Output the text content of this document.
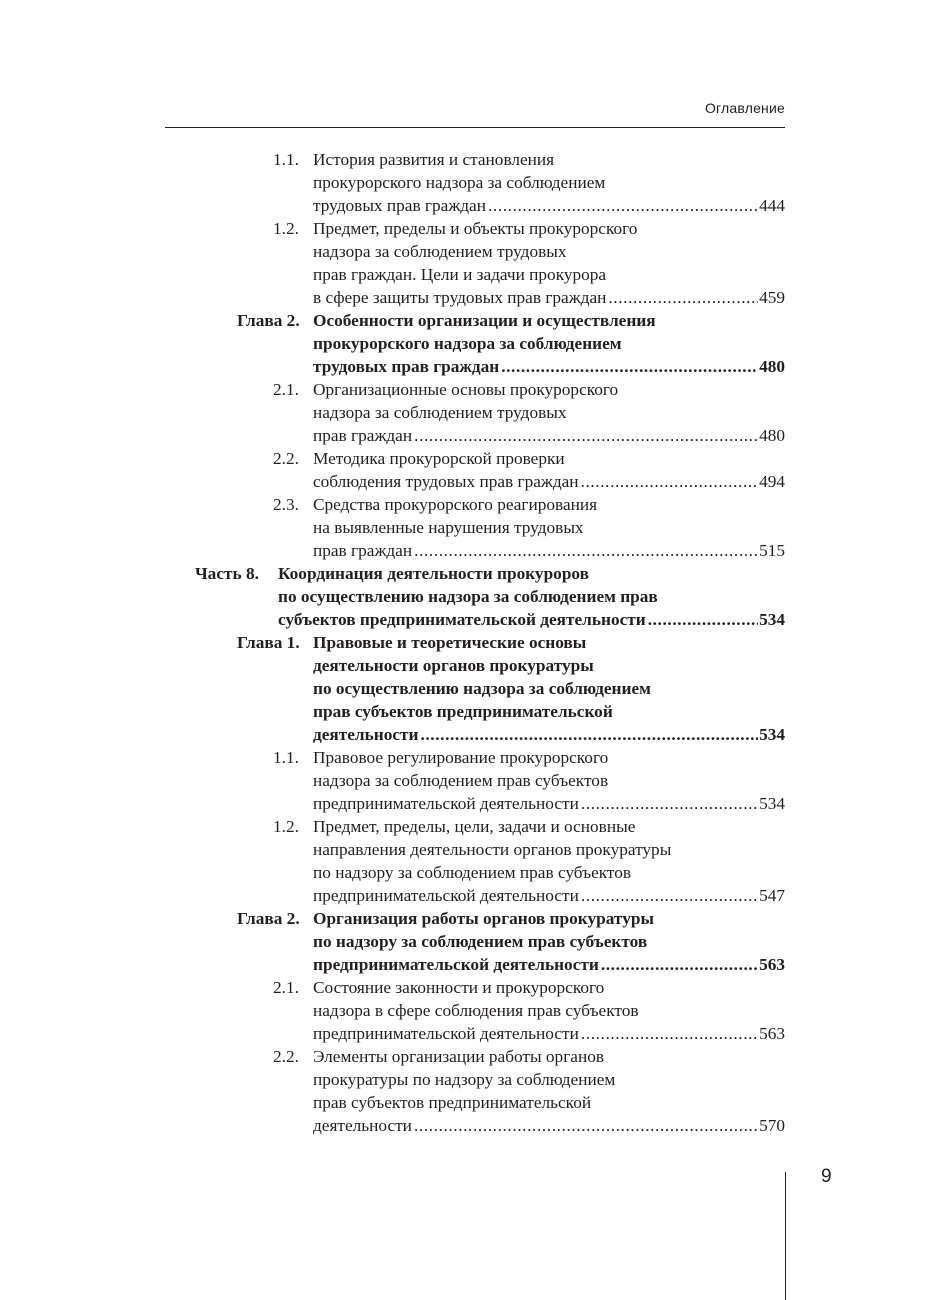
Оглавление
1.1. История развития и становления
прокурорского надзора за соблюдением
трудовых прав граждан .....	444
1.2. Предмет, пределы и объекты прокурорского
надзора за соблюдением трудовых
прав граждан. Цели и задачи прокурора
в сфере защиты трудовых прав граждан .....	459
Глава 2. Особенности организации и осуществления
прокурорского надзора за соблюдением
трудовых прав граждан .....	480
2.1. Организационные основы прокурорского
надзора за соблюдением трудовых
прав граждан .....	480
2.2. Методика прокурорской проверки
соблюдения трудовых прав граждан .....	494
2.3. Средства прокурорского реагирования
на выявленные нарушения трудовых
прав граждан .....	515
Часть 8. Координация деятельности прокуроров
по осуществлению надзора за соблюдением прав
субъектов предпринимательской деятельности .....	534
Глава 1. Правовые и теоретические основы
деятельности органов прокуратуры
по осуществлению надзора за соблюдением
прав субъектов предпринимательской
деятельности .....	534
1.1. Правовое регулирование прокурорского
надзора за соблюдением прав субъектов
предпринимательской деятельности .....	534
1.2. Предмет, пределы, цели, задачи и основные
направления деятельности органов прокуратуры
по надзору за соблюдением прав субъектов
предпринимательской деятельности .....	547
Глава 2. Организация работы органов прокуратуры
по надзору за соблюдением прав субъектов
предпринимательской деятельности .....	563
2.1. Состояние законности и прокурорского
надзора в сфере соблюдения прав субъектов
предпринимательской деятельности .....	563
2.2. Элементы организации работы органов
прокуратуры по надзору за соблюдением
прав субъектов предпринимательской
деятельности .....	570
9
